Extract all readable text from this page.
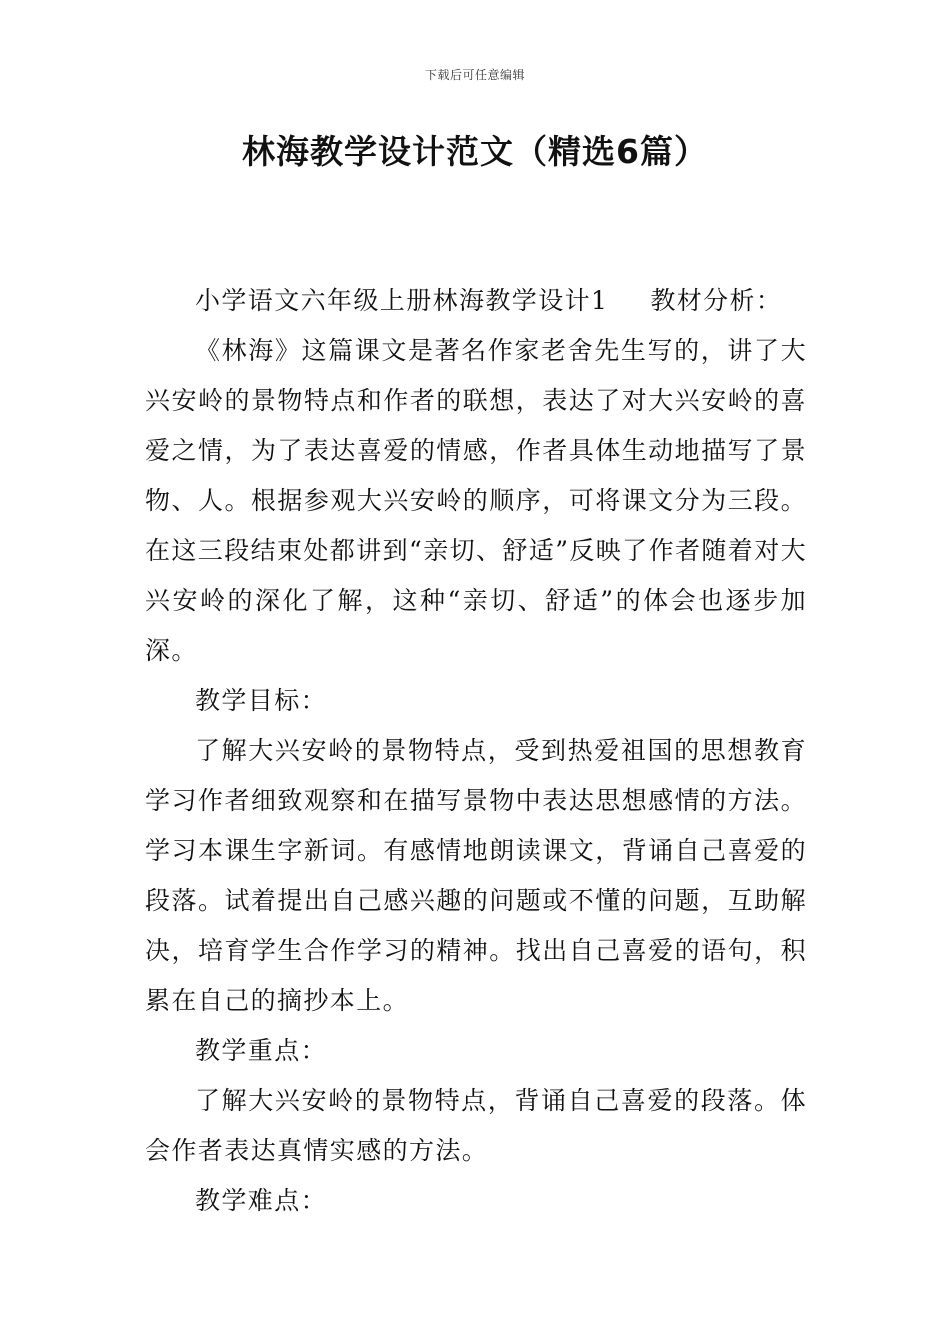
下载后可任意编辑
林海教学设计范文（精选6篇）

小学语文六年级上册林海教学设计1 教材分析：

《林海》这篇课文是著名作家老舍先生写的，讲了大兴安岭的景物特点和作者的联想，表达了对大兴安岭的喜爱之情，为了表达喜爱的情感，作者具体生动地描写了景物、人。根据参观大兴安岭的顺序，可将课文分为三段。在这三段结束处都讲到“亲切、舒适”反映了作者随着对大兴安岭的深化了解，这种“亲切、舒适”的体会也逐步加深。

教学目标：

了解大兴安岭的景物特点，受到热爱祖国的思想教育学习作者细致观察和在描写景物中表达思想感情的方法。学习本课生字新词。有感情地朗读课文，背诵自己喜爱的段落。试着提出自己感兴趣的问题或不懂的问题，互助解决，培育学生合作学习的精神。找出自己喜爱的语句，积累在自己的摘抄本上。

教学重点：

了解大兴安岭的景物特点，背诵自己喜爱的段落。体会作者表达真情实感的方法。

教学难点：
